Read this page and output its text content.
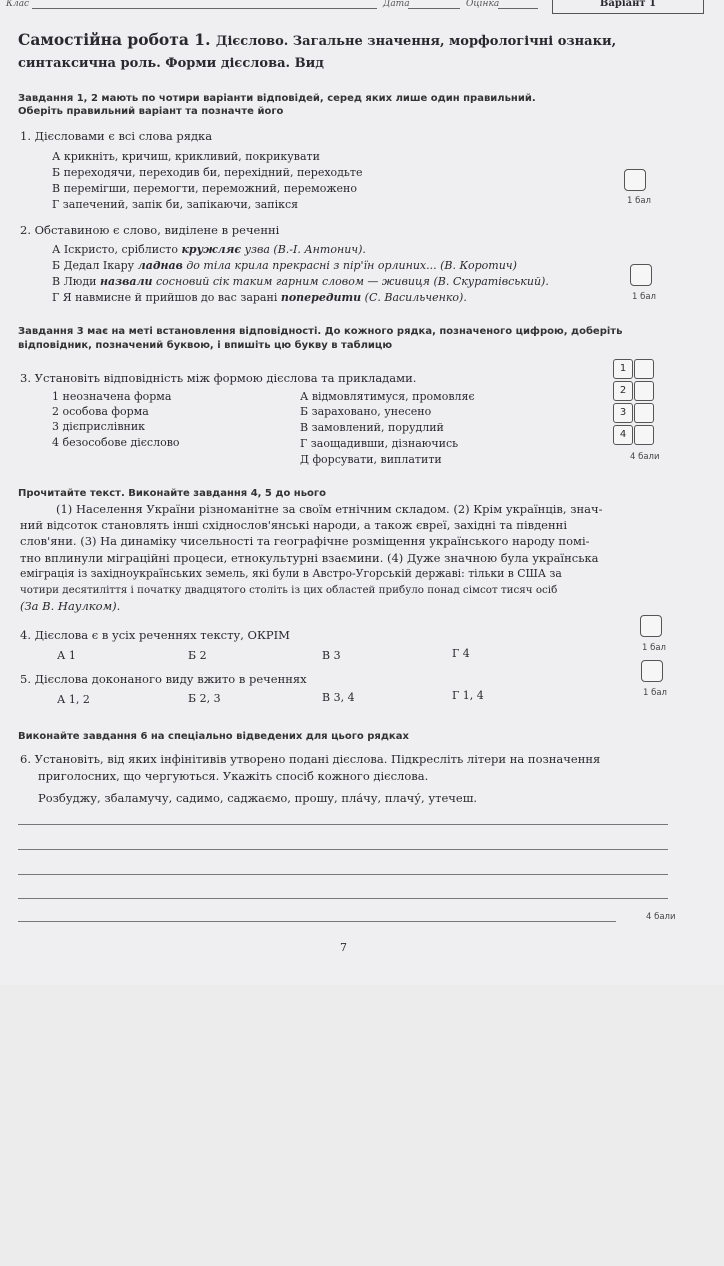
Клас	Дата	Оцінка	Варіант 1
Самостійна робота 1. Дієслово. Загальне значення, морфологічні ознаки,
синтаксична роль. Форми дієслова. Вид
Завдання 1, 2 мають по чотири варіанти відповідей, серед яких лише один правильний.
Оберіть правильний варіант та позначте його
1. Дієсловами є всі слова рядка
А крикніть, кричиш, крикливий, покрикувати
Б переходячи, переходив би, перехідний, переходьте
В перемігши, перемогти, переможний, переможено
Г запечений, запік би, запікаючи, запікся	1 бал
2. Обставиною є слово, виділене в реченні
А Іскристо, сріблисто кружляє узва (В.-І. Антонич).
Б Дедал Ікару ладнав до тіла крила прекрасні з пір'їн орлиних... (В. Коротич)
В Люди назвали сосновий сік таким гарним словом — живиця (В. Скуратівський).
Г Я навмисне й прийшов до вас зарані попередити (С. Васильченко).	1 бал
Завдання 3 має на меті встановлення відповідності. До кожного рядка, позначеного цифрою, доберіть
відповідник, позначений буквою, і впишіть цю букву в таблицю
3. Установіть відповідність між формою дієслова та прикладами.
1 неозначена форма
2 особова форма
3 дієприслівник
4 безособове дієслово
А відмовлятимуся, промовляє
Б зараховано, унесено
В замовлений, порудлий
Г заощадивши, дізнаючись
Д форсувати, виплатити
1
2
3
4
4 бали
Прочитайте текст. Виконайте завдання 4, 5 до нього
(1) Населення України різноманітне за своїм етнічним складом. (2) Крім українців, знач-
ний відсоток становлять інші східнослов'янські народи, а також євреї, західні та південні
слов'яни. (3) На динаміку чисельності та географічне розміщення українського народу помі-
тно вплинули міграційні процеси, етнокультурні взаємини. (4) Дуже значною була українська
еміграція із західноукраїнських земель, які були в Австро-Угорській державі: тільки в США за
чотири десятиліття і початку двадцятого століть із цих областей прибуло понад сімсот тисяч осіб
(За В. Наулком).
4. Дієслова є в усіх реченнях тексту, ОКРІМ
А 1	Б 2	В 3	Г 4	1 бал
5. Дієслова доконаного виду вжито в реченнях
А 1, 2	Б 2, 3	В 3, 4	Г 1, 4	1 бал
Виконайте завдання 6 на спеціально відведених для цього рядках
6. Установіть, від яких інфінітивів утворено подані дієслова. Підкресліть літери на позначення
приголосних, що чергуються. Укажіть спосіб кожного дієслова.
Розбуджу, збаламучу, садимо, саджаємо, прошу, пла́чу, плачу́, утечеш.
4 бали
7
